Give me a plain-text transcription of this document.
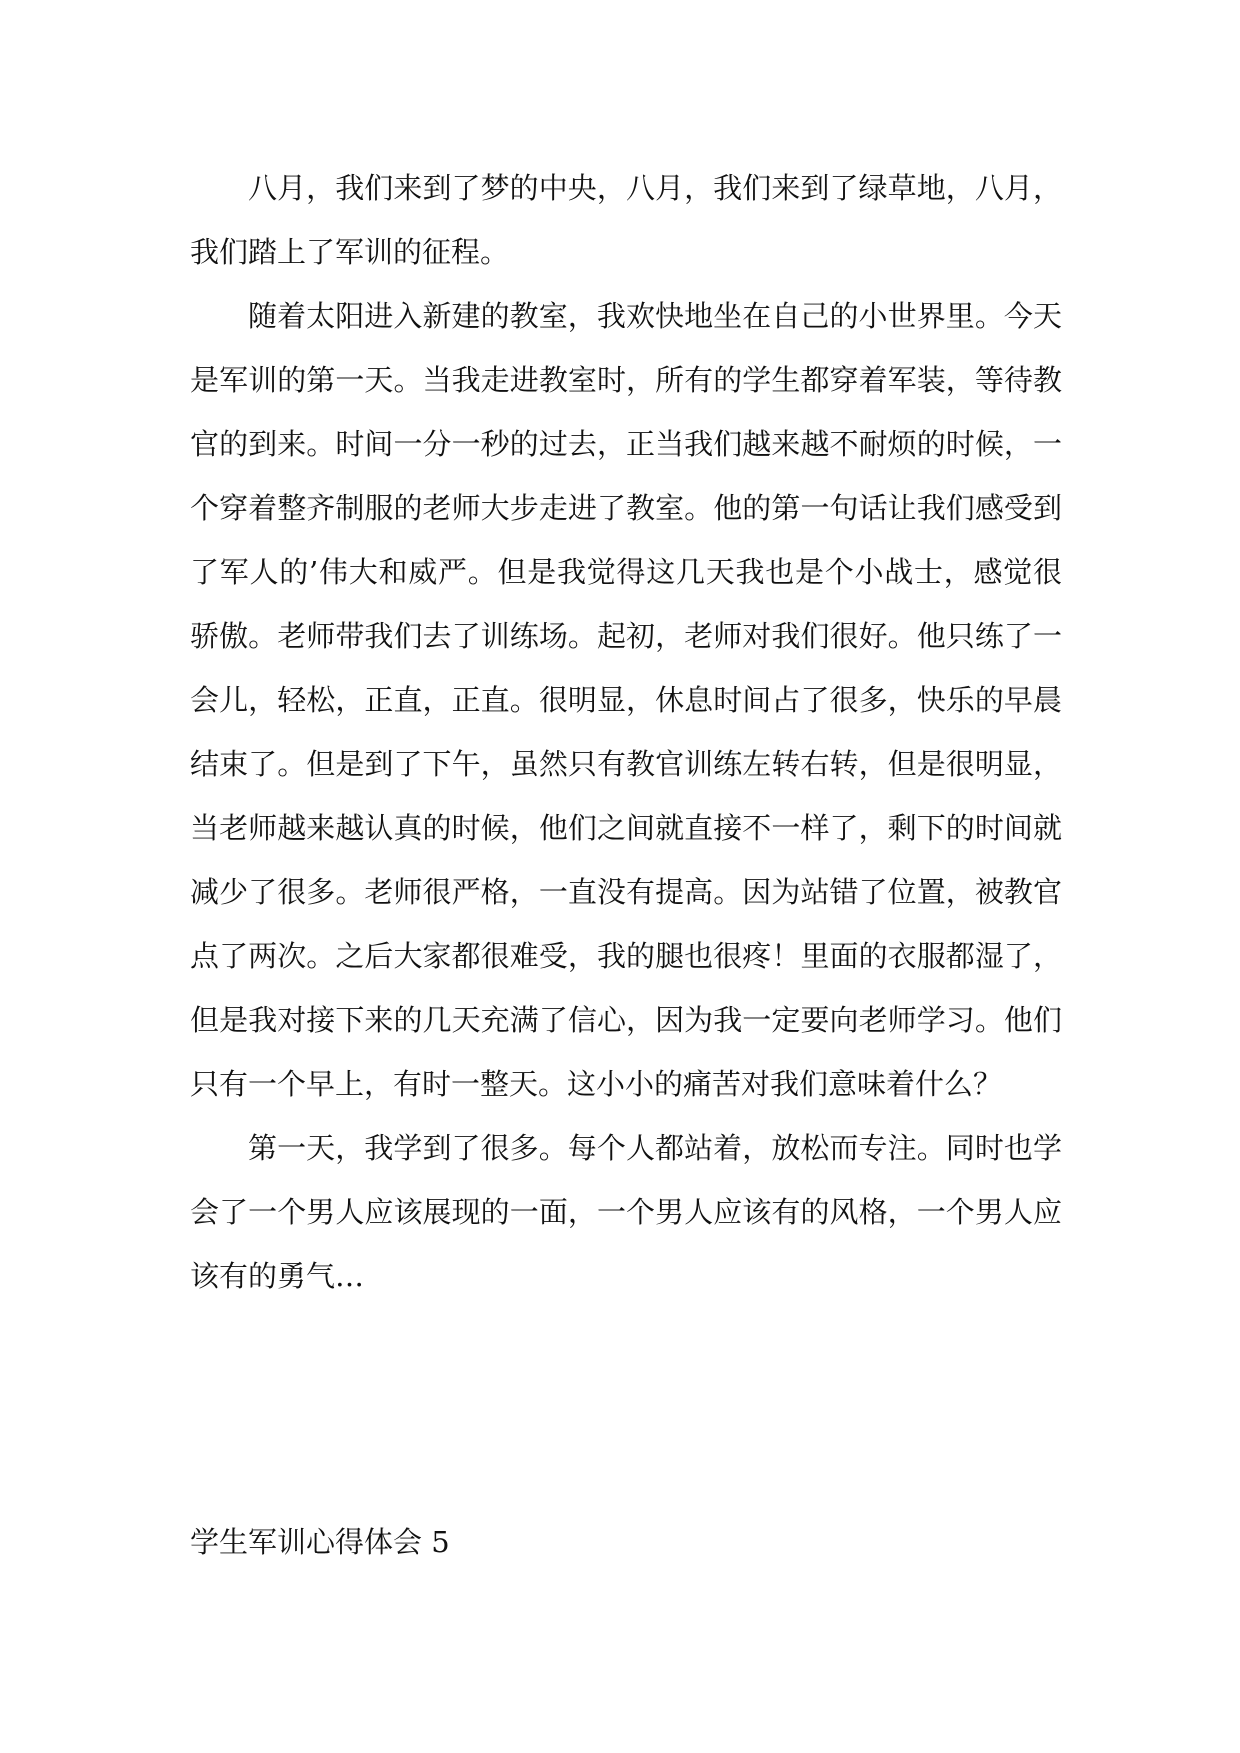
八月，我们来到了梦的中央，八月，我们来到了绿草地，八月，我们踏上了军训的征程。

随着太阳进入新建的教室，我欢快地坐在自己的小世界里。今天是军训的第一天。当我走进教室时，所有的学生都穿着军装，等待教官的到来。时间一分一秒的过去，正当我们越来越不耐烦的时候，一个穿着整齐制服的老师大步走进了教室。他的第一句话让我们感受到了军人的’伟大和威严。但是我觉得这几天我也是个小战士，感觉很骄傲。老师带我们去了训练场。起初，老师对我们很好。他只练了一会儿，轻松，正直，正直。很明显，休息时间占了很多，快乐的早晨结束了。但是到了下午，虽然只有教官训练左转右转，但是很明显，当老师越来越认真的时候，他们之间就直接不一样了，剩下的时间就减少了很多。老师很严格，一直没有提高。因为站错了位置，被教官点了两次。之后大家都很难受，我的腿也很疼！里面的衣服都湿了，但是我对接下来的几天充满了信心，因为我一定要向老师学习。他们只有一个早上，有时一整天。这小小的痛苦对我们意味着什么？

第一天，我学到了很多。每个人都站着，放松而专注。同时也学会了一个男人应该展现的一面，一个男人应该有的风格，一个男人应该有的勇气…

学生军训心得体会 5
